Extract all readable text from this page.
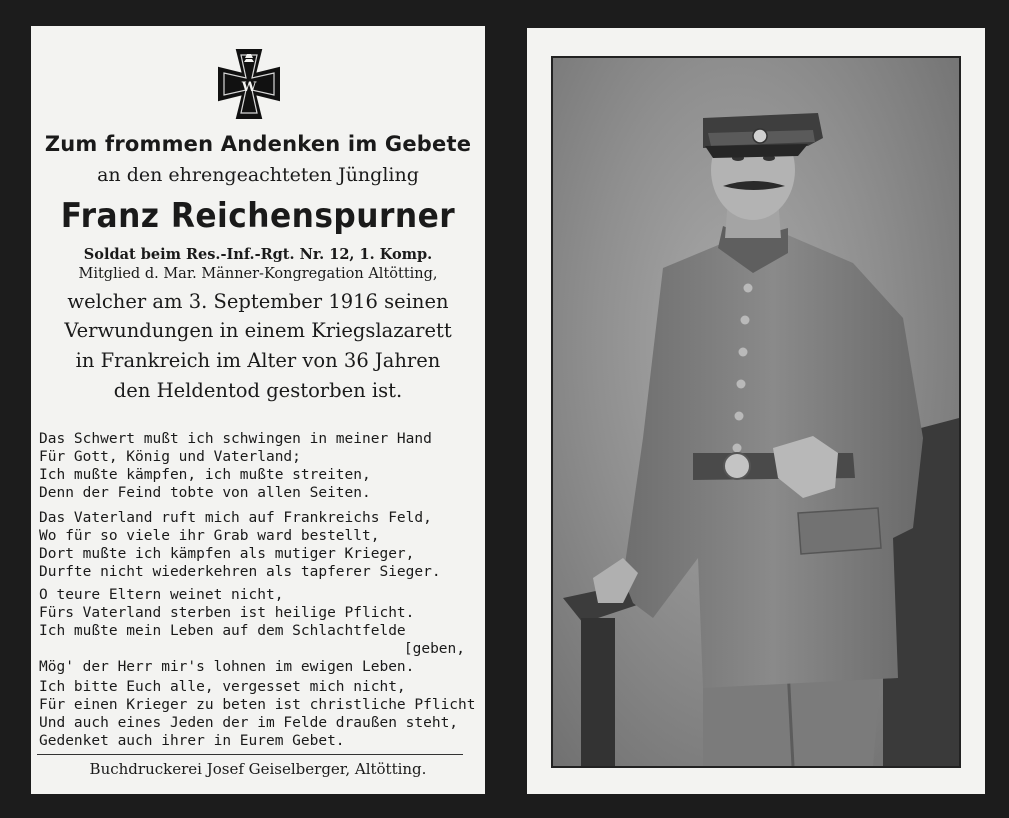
W
Zum frommen Andenken im Gebete
an den ehrengeachteten Jüngling
Franz Reichenspurner
Soldat beim Res.-Inf.-Rgt. Nr. 12, 1. Komp.
Mitglied d. Mar. Männer-Kongregation Altötting,
welcher am 3. September 1916 seinen
Verwundungen in einem Kriegslazarett
in Frankreich im Alter von 36 Jahren
den Heldentod gestorben ist.
Das Schwert mußt ich schwingen in meiner Hand
Für Gott, König und Vaterland;
Ich mußte kämpfen, ich mußte streiten,
Denn der Feind tobte von allen Seiten.
Das Vaterland ruft mich auf Frankreichs Feld,
Wo für so viele ihr Grab ward bestellt,
Dort mußte ich kämpfen als mutiger Krieger,
Durfte nicht wiederkehren als tapferer Sieger.
O teure Eltern weinet nicht,
Fürs Vaterland sterben ist heilige Pflicht.
Ich mußte mein Leben auf dem Schlachtfelde
[geben,
Mög' der Herr mir's lohnen im ewigen Leben.
Ich bitte Euch alle, vergesset mich nicht,
Für einen Krieger zu beten ist christliche Pflicht
Und auch eines Jeden der im Felde draußen steht,
Gedenket auch ihrer in Eurem Gebet.
Buchdruckerei Josef Geiselberger, Altötting.
